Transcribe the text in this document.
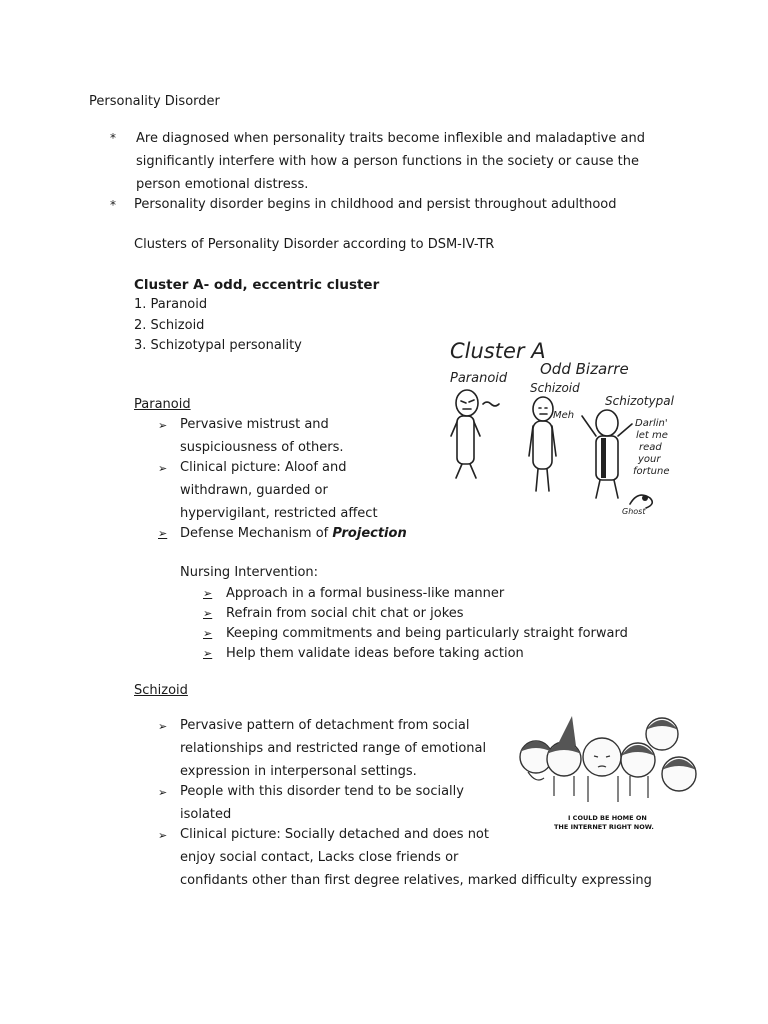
Personality Disorder
* Are diagnosed when personality traits become inflexible and maladaptive and
significantly interfere with how a person functions in the society or cause the
person emotional distress.
* Personality disorder begins in childhood and persist throughout adulthood
Clusters of Personality Disorder according to DSM-IV-TR
Cluster A- odd, eccentric cluster
1. Paranoid
2. Schizoid
3. Schizotypal personality
Paranoid
➢ Pervasive mistrust and
suspiciousness of others.
➢ Clinical picture: Aloof and
withdrawn, guarded or
hypervigilant, restricted affect
➢ Defense Mechanism of Projection
Nursing Intervention:
➢ Approach in a formal business-like manner
➢ Refrain from social chit chat or jokes
➢ Keeping commitments and being particularly straight forward
➢ Help them validate ideas before taking action
Schizoid
➢ Pervasive pattern of detachment from social
relationships and restricted range of emotional
expression in interpersonal settings.
➢ People with this disorder tend to be socially
isolated
➢ Clinical picture: Socially detached and does not
enjoy social contact, Lacks close friends or
confidants other than first degree relatives, marked difficulty expressing
Cluster A
Odd Bizarre
Paranoid
Schizoid
Schizotypal
Meh
Darlin'
let me
read
your
fortune
Ghost
I COULD BE HOME ON
THE INTERNET RIGHT NOW.
